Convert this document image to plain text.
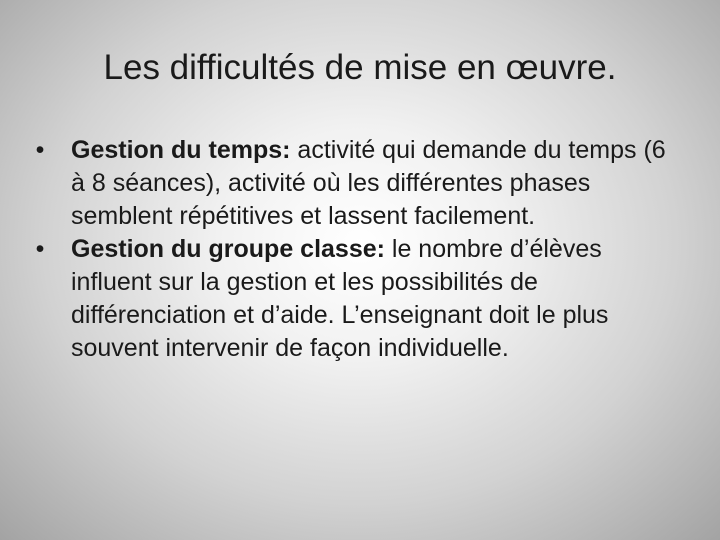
Les difficultés de mise en œuvre.

• Gestion du temps: activité qui demande du temps (6 à 8 séances), activité où les différentes phases semblent répétitives et lassent facilement.

• Gestion du groupe classe: le nombre d’élèves influent sur la gestion et les possibilités de différenciation et d’aide. L’enseignant doit le plus souvent intervenir de façon individuelle.
